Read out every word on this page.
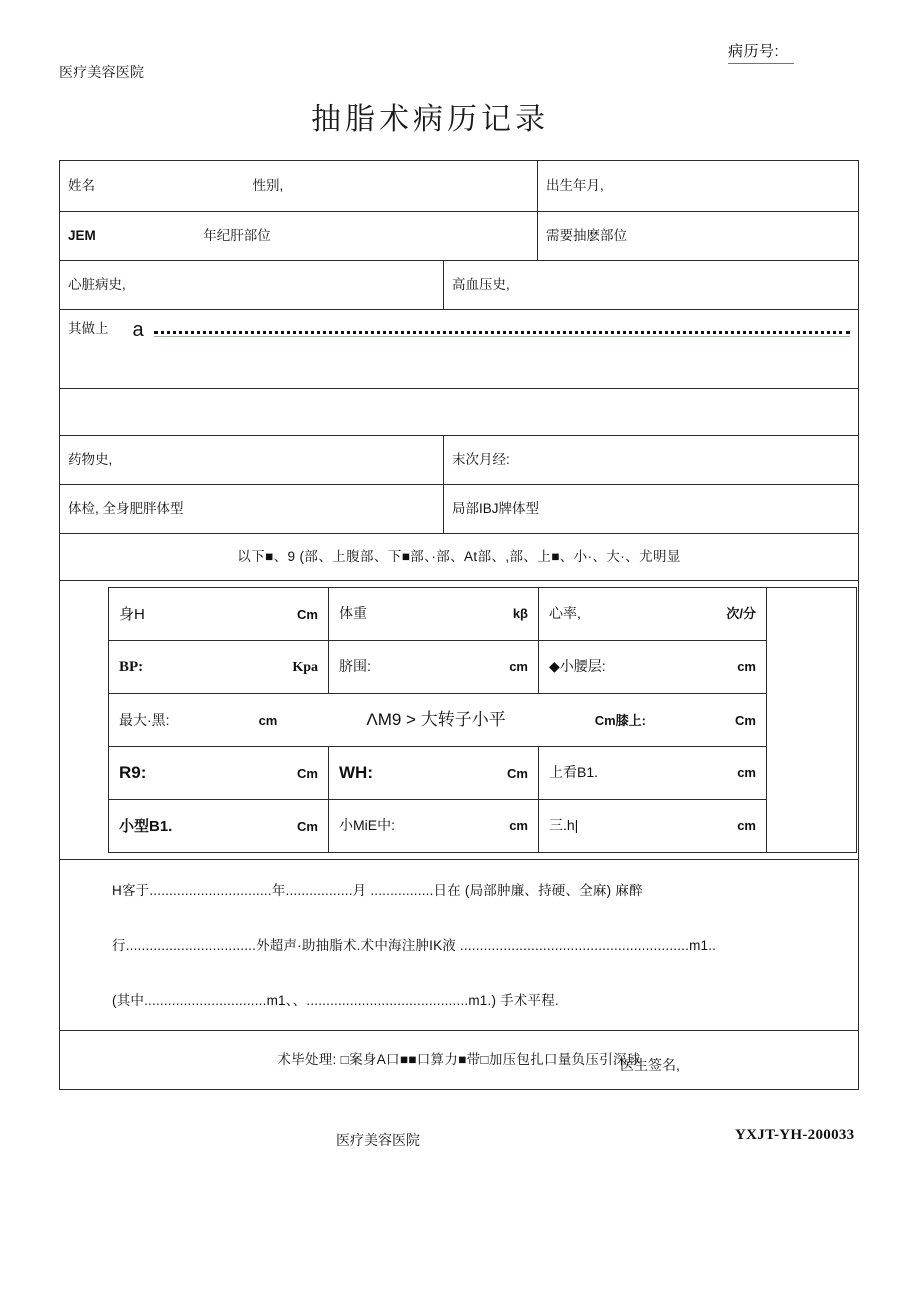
病历号:
医疗美容医院
抽脂术病历记录
姓名	性别,	出生年月,
JEM	年纪肝部位	需要抽麽部位
心脏病史,	高血压史,

其做上	a

药物史,	末次月经:
体检, 全身肥胖体型	局部IBJ牌体型
以下■、9 (部、上腹部、下■部、·部、At部、,部、上■、小·、大·、尤明显

身H	Cm	体重	kβ	心率,	次/分

BP:	Kpa	脐围:	cm	◆小腰层:	cm

最大·黑:	cm	ΛM9 > 大转子小平	Cm膝上:	Cm

R9:	Cm	WH:	Cm	上看B1.	cm

小型B1.	Cm	小MiE中:	cm	三.h|	cm

H客于...............................年.................月 ................日在 (局部肿廉、持硬、全麻) 麻醉
行.................................外超声·助抽脂术.术中海注肿IK液 ..........................................................m1..
(其中...............................m1、、.........................................m1.) 手术平程.

术毕处理: □案身A口■■口算力■带□加压包扎口量负压引深球
医生签名,
医疗美容医院	YXJT-YH-200033
